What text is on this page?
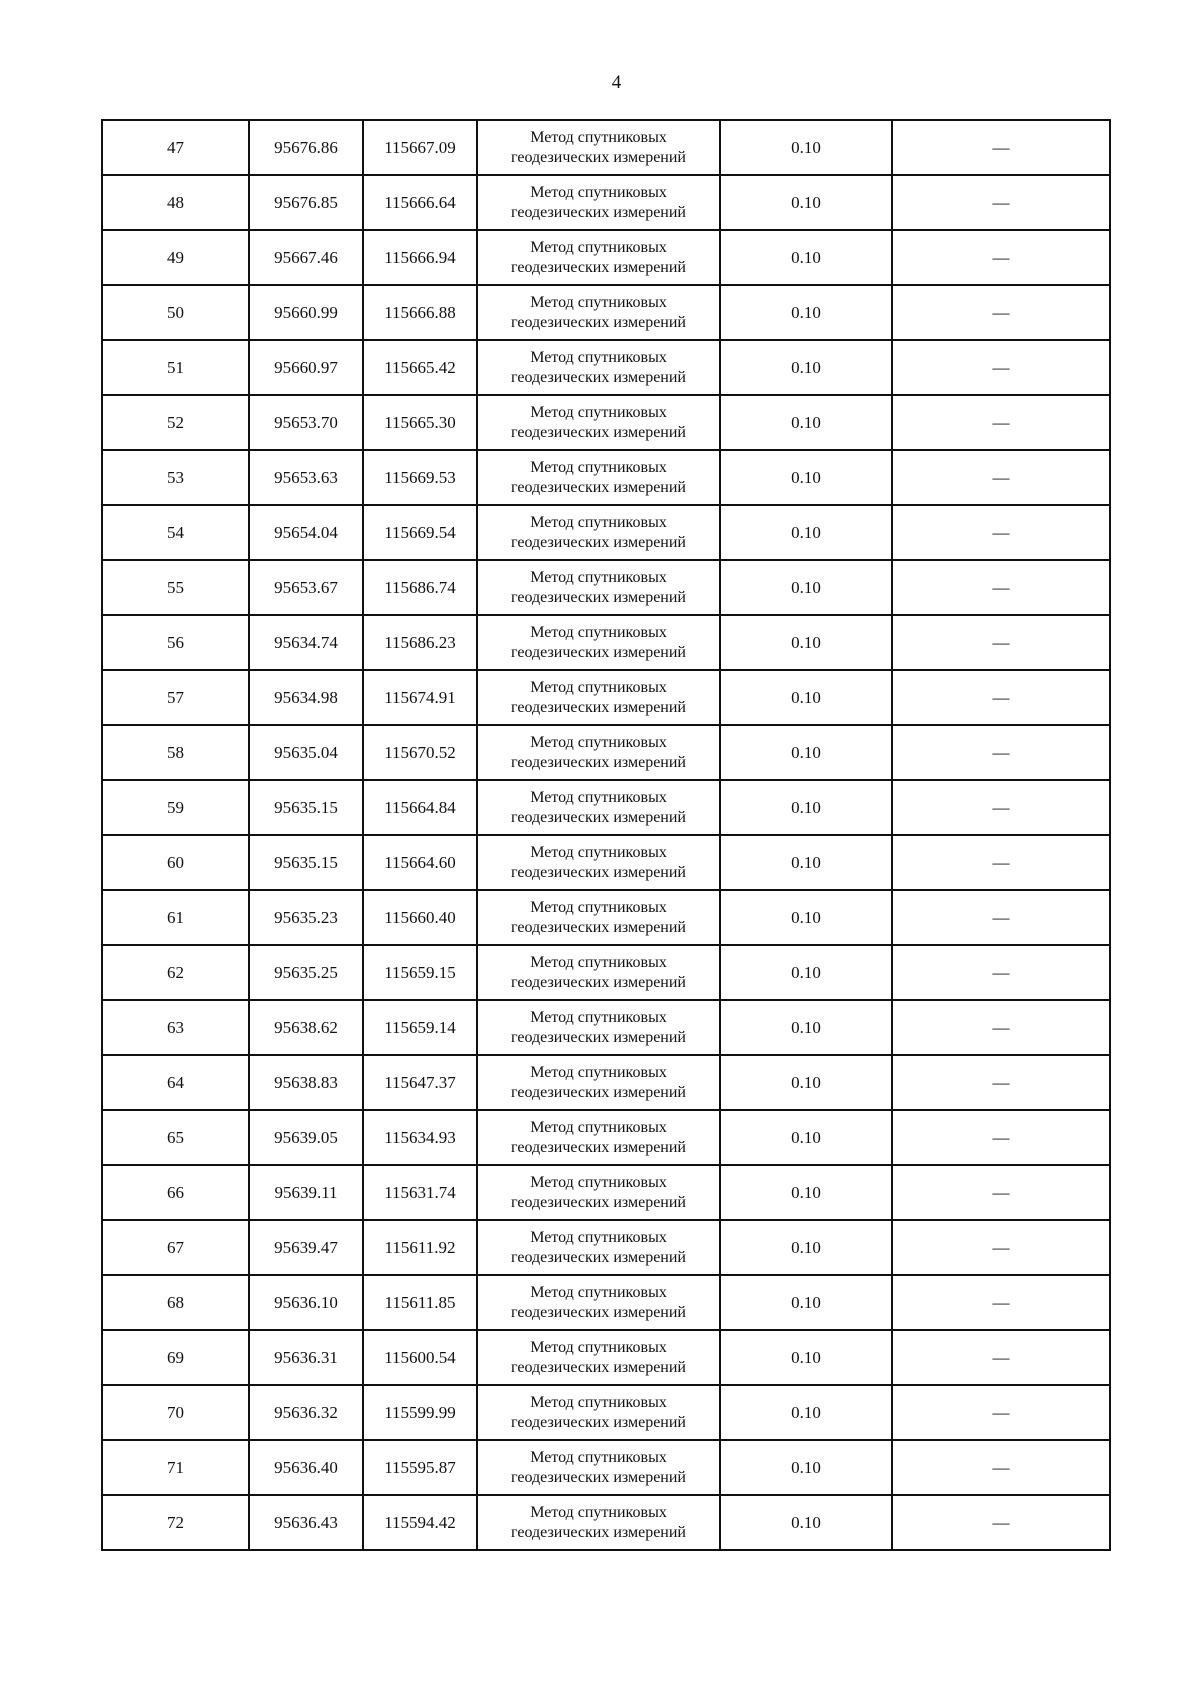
4
47	95676.86	115667.09	Метод спутниковых
геодезических измерений	0.10	—
48	95676.85	115666.64	Метод спутниковых
геодезических измерений	0.10	—
49	95667.46	115666.94	Метод спутниковых
геодезических измерений	0.10	—
50	95660.99	115666.88	Метод спутниковых
геодезических измерений	0.10	—
51	95660.97	115665.42	Метод спутниковых
геодезических измерений	0.10	—
52	95653.70	115665.30	Метод спутниковых
геодезических измерений	0.10	—
53	95653.63	115669.53	Метод спутниковых
геодезических измерений	0.10	—
54	95654.04	115669.54	Метод спутниковых
геодезических измерений	0.10	—
55	95653.67	115686.74	Метод спутниковых
геодезических измерений	0.10	—
56	95634.74	115686.23	Метод спутниковых
геодезических измерений	0.10	—
57	95634.98	115674.91	Метод спутниковых
геодезических измерений	0.10	—
58	95635.04	115670.52	Метод спутниковых
геодезических измерений	0.10	—
59	95635.15	115664.84	Метод спутниковых
геодезических измерений	0.10	—
60	95635.15	115664.60	Метод спутниковых
геодезических измерений	0.10	—
61	95635.23	115660.40	Метод спутниковых
геодезических измерений	0.10	—
62	95635.25	115659.15	Метод спутниковых
геодезических измерений	0.10	—
63	95638.62	115659.14	Метод спутниковых
геодезических измерений	0.10	—
64	95638.83	115647.37	Метод спутниковых
геодезических измерений	0.10	—
65	95639.05	115634.93	Метод спутниковых
геодезических измерений	0.10	—
66	95639.11	115631.74	Метод спутниковых
геодезических измерений	0.10	—
67	95639.47	115611.92	Метод спутниковых
геодезических измерений	0.10	—
68	95636.10	115611.85	Метод спутниковых
геодезических измерений	0.10	—
69	95636.31	115600.54	Метод спутниковых
геодезических измерений	0.10	—
70	95636.32	115599.99	Метод спутниковых
геодезических измерений	0.10	—
71	95636.40	115595.87	Метод спутниковых
геодезических измерений	0.10	—
72	95636.43	115594.42	Метод спутниковых
геодезических измерений	0.10	—
